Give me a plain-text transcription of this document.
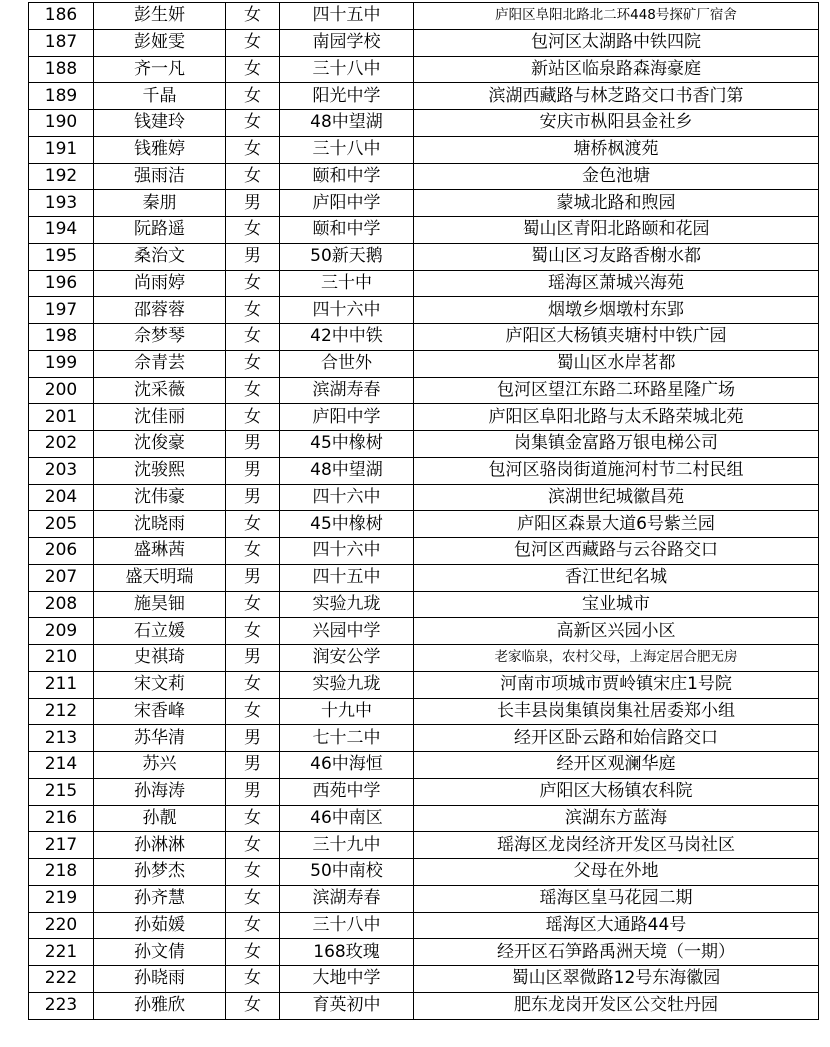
186	彭生妍	女	四十五中	庐阳区阜阳北路北二环448号探矿厂宿舍
187	彭娅雯	女	南园学校	包河区太湖路中铁四院
188	齐一凡	女	三十八中	新站区临泉路森海豪庭
189	千晶	女	阳光中学	滨湖西藏路与林芝路交口书香门第
190	钱建玲	女	48中望湖	安庆市枞阳县金社乡
191	钱雅婷	女	三十八中	塘桥枫渡苑
192	强雨洁	女	颐和中学	金色池塘
193	秦朋	男	庐阳中学	蒙城北路和煦园
194	阮路遥	女	颐和中学	蜀山区青阳北路颐和花园
195	桑治文	男	50新天鹅	蜀山区习友路香榭水都
196	尚雨婷	女	三十中	瑶海区萧城兴海苑
197	邵蓉蓉	女	四十六中	烟墩乡烟墩村东郢
198	佘梦琴	女	42中中铁	庐阳区大杨镇夹塘村中铁广园
199	佘青芸	女	合世外	蜀山区水岸茗都
200	沈采薇	女	滨湖寿春	包河区望江东路二环路星隆广场
201	沈佳丽	女	庐阳中学	庐阳区阜阳北路与太禾路荣城北苑
202	沈俊豪	男	45中橡树	岗集镇金富路万银电梯公司
203	沈骏熙	男	48中望湖	包河区骆岗街道施河村节二村民组
204	沈伟豪	男	四十六中	滨湖世纪城徽昌苑
205	沈晓雨	女	45中橡树	庐阳区森景大道6号紫兰园
206	盛琳茜	女	四十六中	包河区西藏路与云谷路交口
207	盛天明瑞	男	四十五中	香江世纪名城
208	施昊钿	女	实验九珑	宝业城市
209	石立媛	女	兴园中学	高新区兴园小区
210	史祺琦	男	润安公学	老家临泉，农村父母，上海定居合肥无房
211	宋文莉	女	实验九珑	河南市项城市贾岭镇宋庄1号院
212	宋香峰	女	十九中	长丰县岗集镇岗集社居委郑小组
213	苏华清	男	七十二中	经开区卧云路和始信路交口
214	苏兴	男	46中海恒	经开区观澜华庭
215	孙海涛	男	西苑中学	庐阳区大杨镇农科院
216	孙靓	女	46中南区	滨湖东方蓝海
217	孙淋淋	女	三十九中	瑶海区龙岗经济开发区马岗社区
218	孙梦杰	女	50中南校	父母在外地
219	孙齐慧	女	滨湖寿春	瑶海区皇马花园二期
220	孙茹媛	女	三十八中	瑶海区大通路44号
221	孙文倩	女	168玫瑰	经开区石笋路禹洲天境（一期）
222	孙晓雨	女	大地中学	蜀山区翠微路12号东海徽园
223	孙雅欣	女	育英初中	肥东龙岗开发区公交牡丹园
